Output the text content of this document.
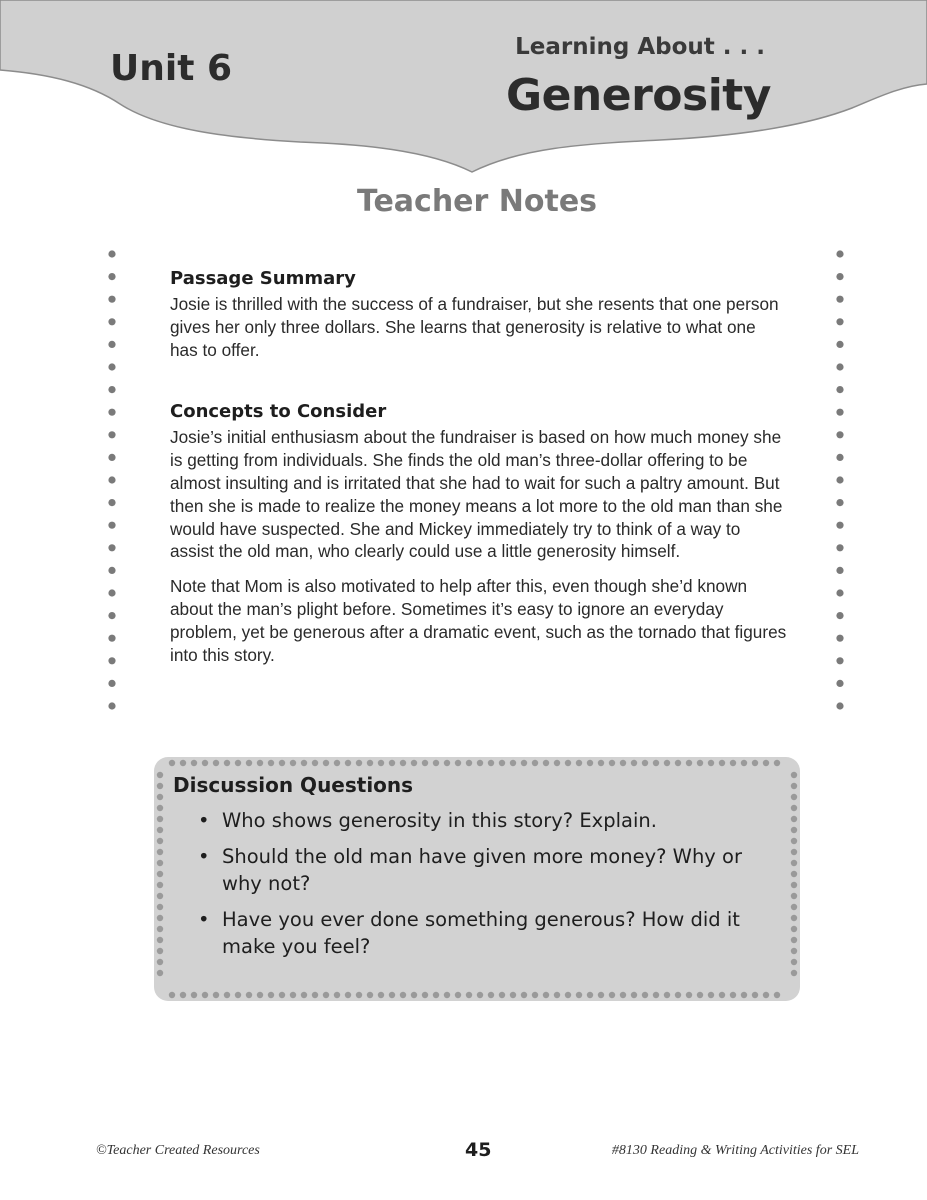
Unit 6

Learning About . . .

Generosity

Teacher Notes
Passage Summary

Josie is thrilled with the success of a fundraiser, but she resents that one person gives her only three dollars. She learns that generosity is relative to what one has to offer.

Concepts to Consider

Josie’s initial enthusiasm about the fundraiser is based on how much money she is getting from individuals. She finds the old man’s three-dollar offering to be almost insulting and is irritated that she had to wait for such a paltry amount. But then she is made to realize the money means a lot more to the old man than she would have suspected. She and Mickey immediately try to think of a way to assist the old man, who clearly could use a little generosity himself.

Note that Mom is also motivated to help after this, even though she’d known about the man’s plight before. Sometimes it’s easy to ignore an everyday problem, yet be generous after a dramatic event, such as the tornado that figures into this story.

Discussion Questions
• Who shows generosity in this story? Explain.
• Should the old man have given more money? Why or why not?
• Have you ever done something generous? How did it make you feel?

©Teacher Created Resources	45	#8130 Reading & Writing Activities for SEL
